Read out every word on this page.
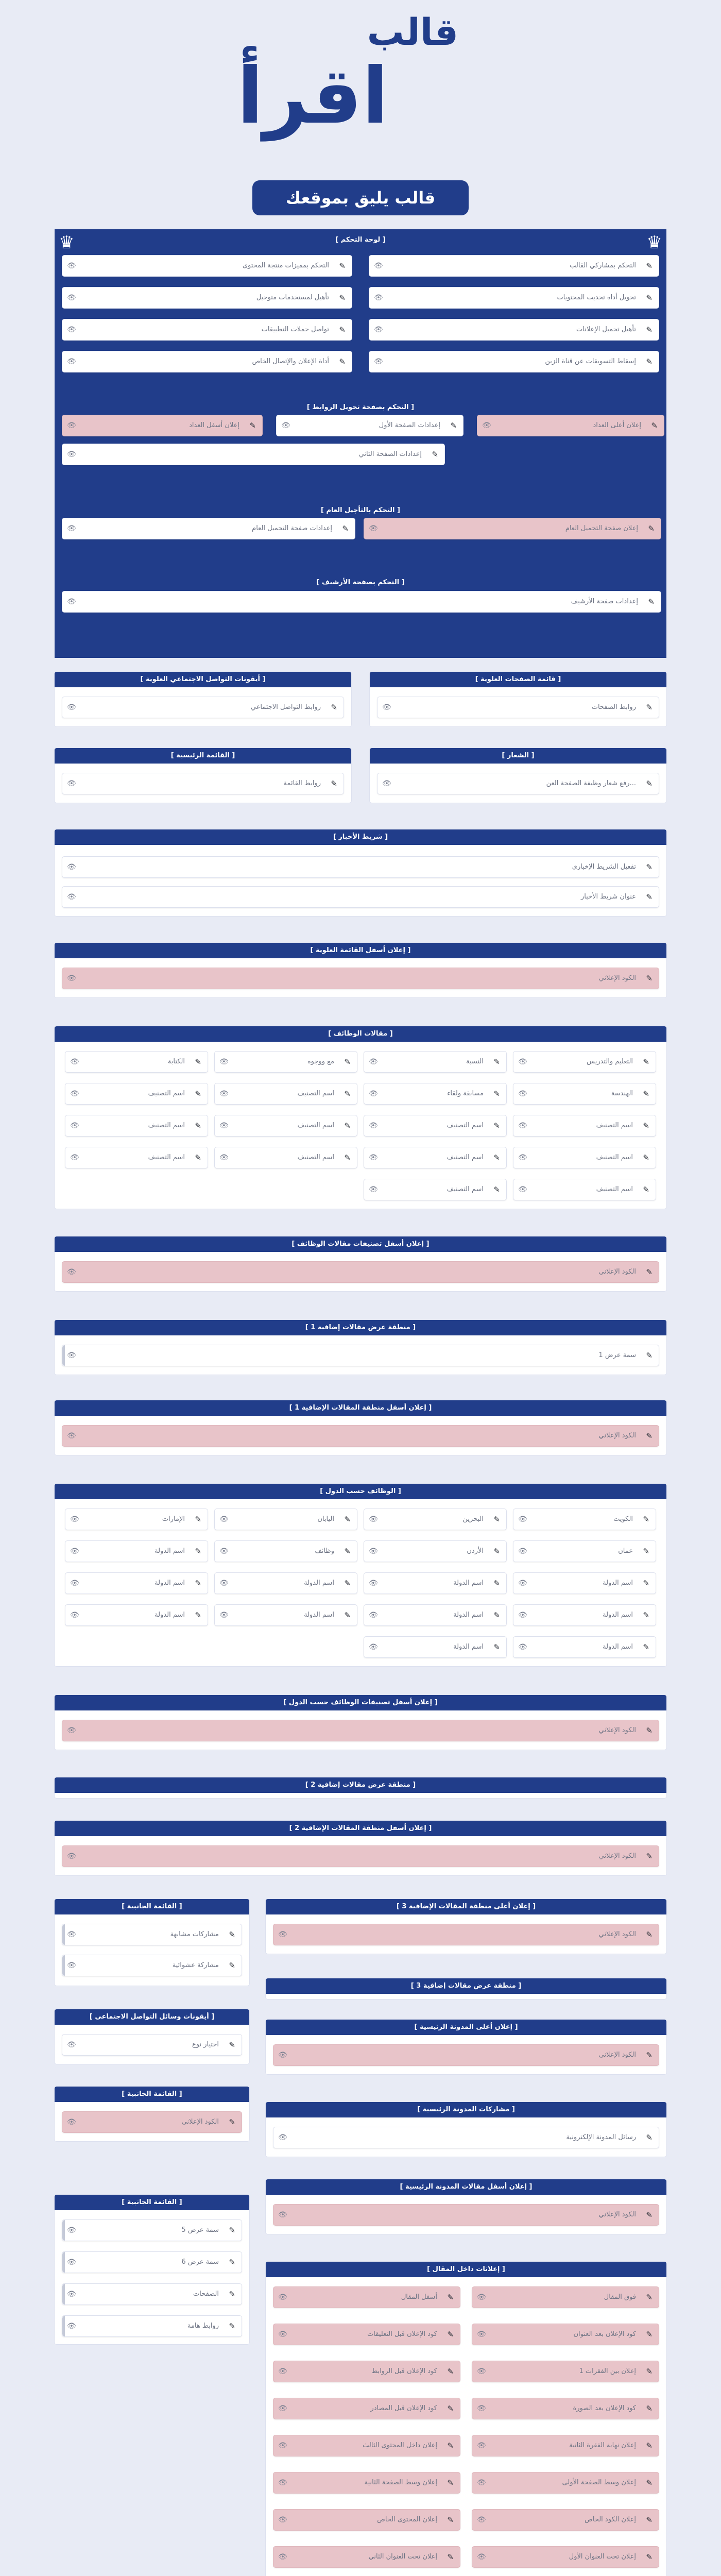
قالب
اقرأ
قالب يليق بموقعك
♛
♛	[ لوحة التحكم ]
[ التحكم بصفحة تحويل الروابط ]
[ التحكم بالتأجيل العام ]
[ التحكم بصفحة الأرشيف ]
✎
التحكم بمشاركي القالب
👁
✎
التحكم بمميزات منتجة المحتوى
👁
✎
تحويل أداة تحديث المحتويات
👁
✎
تأهيل لمستخدمات متوحيل
👁
✎
تأهيل تحميل الإعلانات
👁
✎
تواصل حملات التطبيقات
👁
✎
إسقاط التسويقات عن قناة الزين
👁
✎
أداة الإعلان والإتصال الخاص
👁
✎
إعلان أعلى العداد
👁
✎
إعدادات الصفحة الأول
👁
✎
إعلان أسفل العداد
👁
✎
إعدادات الصفحة الثاني
👁
✎
إعلان صفحة التحميل العام
👁
✎
إعدادات صفحة التحميل العام
👁
✎
إعدادات صفحة الأرشيف
👁
[ قائمة الصفحات العلوية ]
✎
روابط الصفحات
👁
[ أيقونات التواصل الاجتماعي العلوية ]
✎
روابط التواصل الاجتماعي
👁
[ الشعار ]
✎
رفع شعار وظيفة الصفحة العن...
👁
[ القائمة الرئيسية ]
✎
روابط القائمة
👁
[ شريط الأخبار ]
✎
تفعيل الشريط الإخباري
👁
✎
عنوان شريط الأخبار
👁
[ إعلان أسفل القائمة العلوية ]
✎
الكود الإعلاني
👁
[ مقالات الوظائف ]
✎
التعليم والتدريس
👁
✎
النسبة
👁
✎
مع ووجوه
👁
✎
الكتابة
👁
✎
الهندسة
👁
✎
مسابقة ولقاء
👁
✎
اسم التصنيف
👁
✎
اسم التصنيف
👁
✎
اسم التصنيف
👁
✎
اسم التصنيف
👁
✎
اسم التصنيف
👁
✎
اسم التصنيف
👁
✎
اسم التصنيف
👁
✎
اسم التصنيف
👁
✎
اسم التصنيف
👁
✎
اسم التصنيف
👁
✎
اسم التصنيف
👁
✎
اسم التصنيف
👁
[ إعلان أسفل تصنيفات مقالات الوظائف ]
✎
الكود الإعلاني
👁
[ منطقة عرض مقالات إضافية 1 ]
✎
سمة عرض 1
👁
[ إعلان أسفل منطقة المقالات الإضافية 1 ]
✎
الكود الإعلاني
👁
[ الوظائف حسب الدول ]
✎
الكويت
👁
✎
البحرين
👁
✎
اليابان
👁
✎
الإمارات
👁
✎
عمان
👁
✎
الأردن
👁
✎
وظائف
👁
✎
اسم الدولة
👁
✎
اسم الدولة
👁
✎
اسم الدولة
👁
✎
اسم الدولة
👁
✎
اسم الدولة
👁
✎
اسم الدولة
👁
✎
اسم الدولة
👁
✎
اسم الدولة
👁
✎
اسم الدولة
👁
✎
اسم الدولة
👁
✎
اسم الدولة
👁
[ إعلان أسفل تصنيفات الوظائف حسب الدول ]
✎
الكود الإعلاني
👁
[ منطقة عرض مقالات إضافية 2 ]
[ إعلان أسفل منطقة المقالات الإضافية 2 ]
✎
الكود الإعلاني
👁
[ القائمة الجانبية ]
✎
مشاركات مشابهة
👁
✎
مشاركة عشوائية
👁
[ أيقونات وسائل التواصل الاجتماعي ]
✎
اختيار نوع
👁
[ القائمة الجانبية ]
✎
الكود الإعلاني
👁
[ القائمة الجانبية ]
✎
سمة عرض 5
👁
✎
سمة عرض 6
👁
✎
الصفحات
👁
✎
روابط هامة
👁
[ إعلان أعلى منطقة المقالات الإضافية 3 ]
✎
الكود الإعلاني
👁
[ منطقة عرض مقالات إضافية 3 ]
[ إعلان أعلى المدونة الرئيسية ]
✎
الكود الإعلاني
👁
[ مشاركات المدونة الرئيسية ]
✎
رسائل المدونة الإلكترونية
👁
[ إعلان أسفل مقالات المدونة الرئيسية ]
✎
الكود الإعلاني
👁
[ إعلانات داخل المقال ]
✎
فوق المقال
👁
✎
أسفل المقال
👁
✎
كود الإعلان بعد العنوان
👁
✎
كود الإعلان قبل التعليقات
👁
✎
إعلان بين الفقرات 1
👁
✎
كود الإعلان قبل الروابط
👁
✎
كود الإعلان بعد الصورة
👁
✎
كود الإعلان قبل المصادر
👁
✎
إعلان نهاية الفقرة الثانية
👁
✎
إعلان داخل المحتوى الثالث
👁
✎
إعلان وسط الصفحة الأولى
👁
✎
إعلان وسط الصفحة الثانية
👁
✎
إعلان الكود الخاص
👁
✎
إعلان المحتوى الخاص
👁
✎
إعلان تحت العنوان الأول
👁
✎
إعلان تحت العنوان الثاني
👁
